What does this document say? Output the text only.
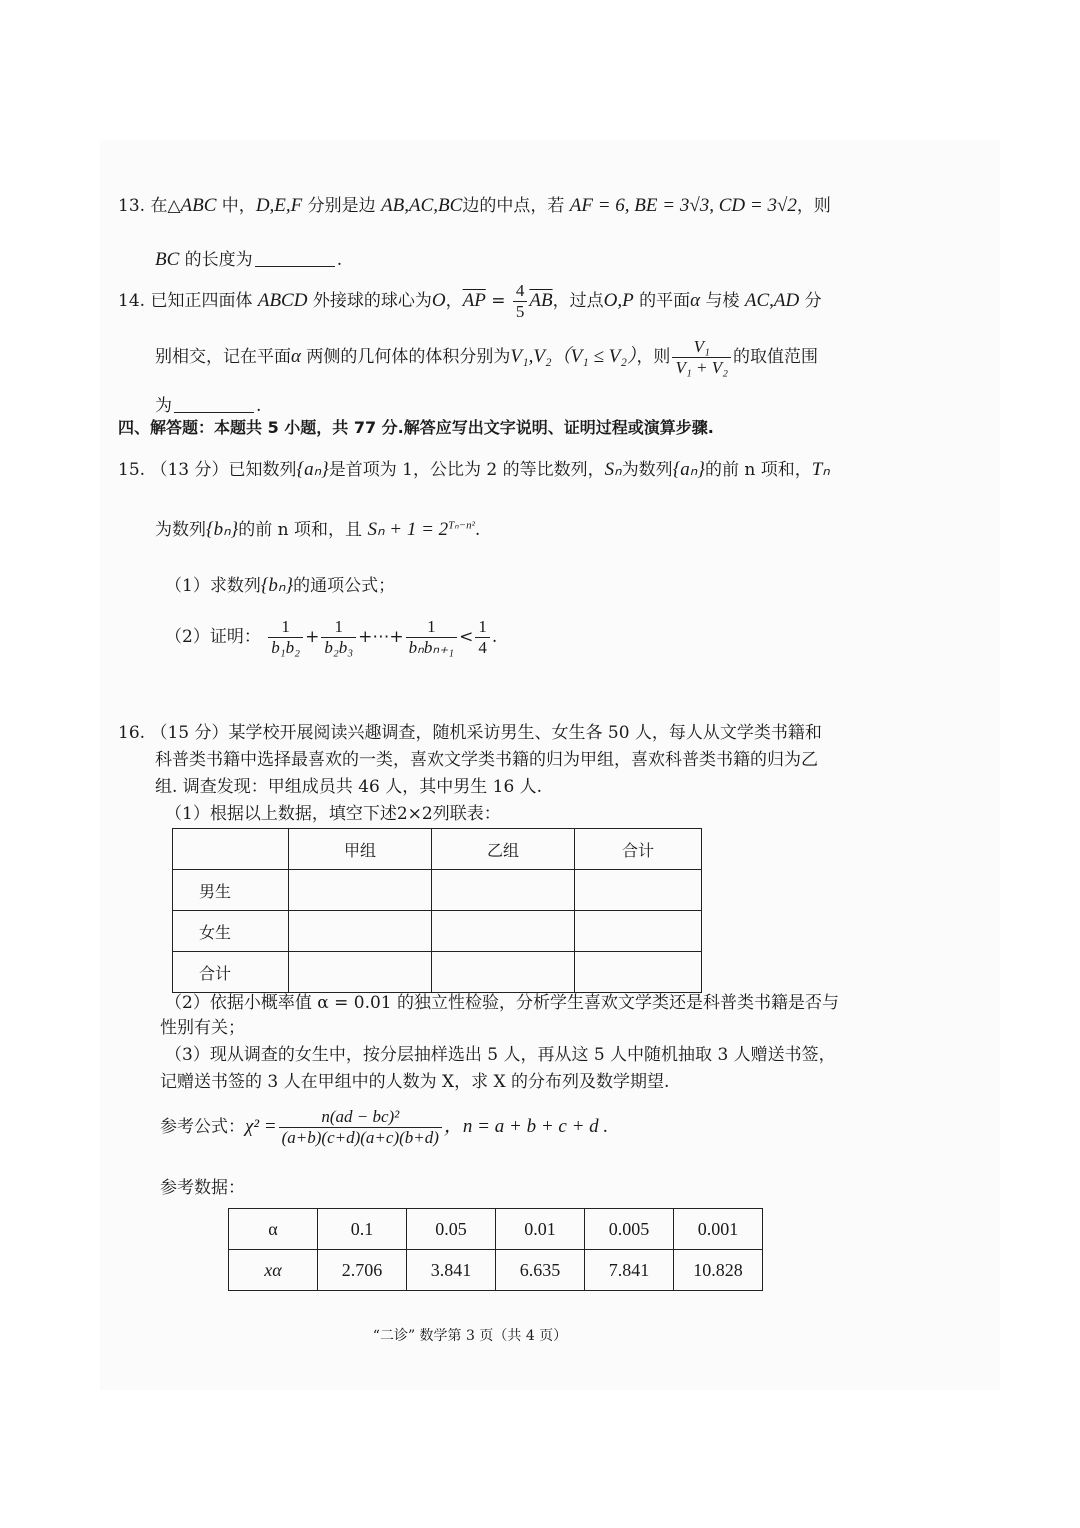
13. 在△ABC 中，D,E,F 分别是边 AB,AC,BC边的中点，若 AF = 6, BE = 3√3, CD = 3√2，则
BC 的长度为	.
14. 已知正四面体 ABCD 外接球的球心为O，$\overline{AP} = \frac{4}{5} \overline{AB}$，过点O,P 的平面α 与棱 AC,AD 分
别相交，记在平面α 两侧的几何体的体积分别为V₁,V₂（V₁ ≤ V₂），则 $\frac{\text{V₁}}{\text{V₁ + V₂}}$ 的取值范围
为	.
四、解答题：本题共 5 小题，共 77 分.解答应写出文字说明、证明过程或演算步骤.
15. （13 分）已知数列{aₙ}是首项为 1，公比为 2 的等比数列，Sₙ为数列{aₙ}的前 n 项和，Tₙ
为数列{bₙ}的前 n 项和，且 $S_n + 1 = 2^{T_n-n^2}$.
（1）求数列{bₙ}的通项公式；
（2）证明： $\frac{1}{\text{b₁b₂}} + \frac{1}{\text{b₂b₃}}$ +⋯+ $\frac{1}{\text{bₙbₙ₊₁}} < \frac{1}{4}$ .
16. （15 分）某学校开展阅读兴趣调查，随机采访男生、女生各 50 人，每人从文学类书籍和
科普类书籍中选择最喜欢的一类，喜欢文学类书籍的归为甲组，喜欢科普类书籍的归为乙
组. 调查发现：甲组成员共 46 人，其中男生 16 人.
（1）根据以上数据，填空下述2×2列联表：
	甲组	乙组	合计
男生			
女生			
合计			
（2）依据小概率值 α = 0.01 的独立性检验，分析学生喜欢文学类还是科普类书籍是否与
性别有关；
（3）现从调查的女生中，按分层抽样选出 5 人，再从这 5 人中随机抽取 3 人赠送书签，
记赠送书签的 3 人在甲组中的人数为 X，求 X 的分布列及数学期望.
参考公式：$\chi^2 = \frac{\text{n(ad − bc)²}}{(a+b)(c+d)(a+c)(b+d)}$ ，n = a + b + c + d .
参考数据：
α	0.1	0.05	0.01	0.005	0.001
xα	2.706	3.841	6.635	7.841	10.828
“二诊” 数学第 3 页（共 4 页）
